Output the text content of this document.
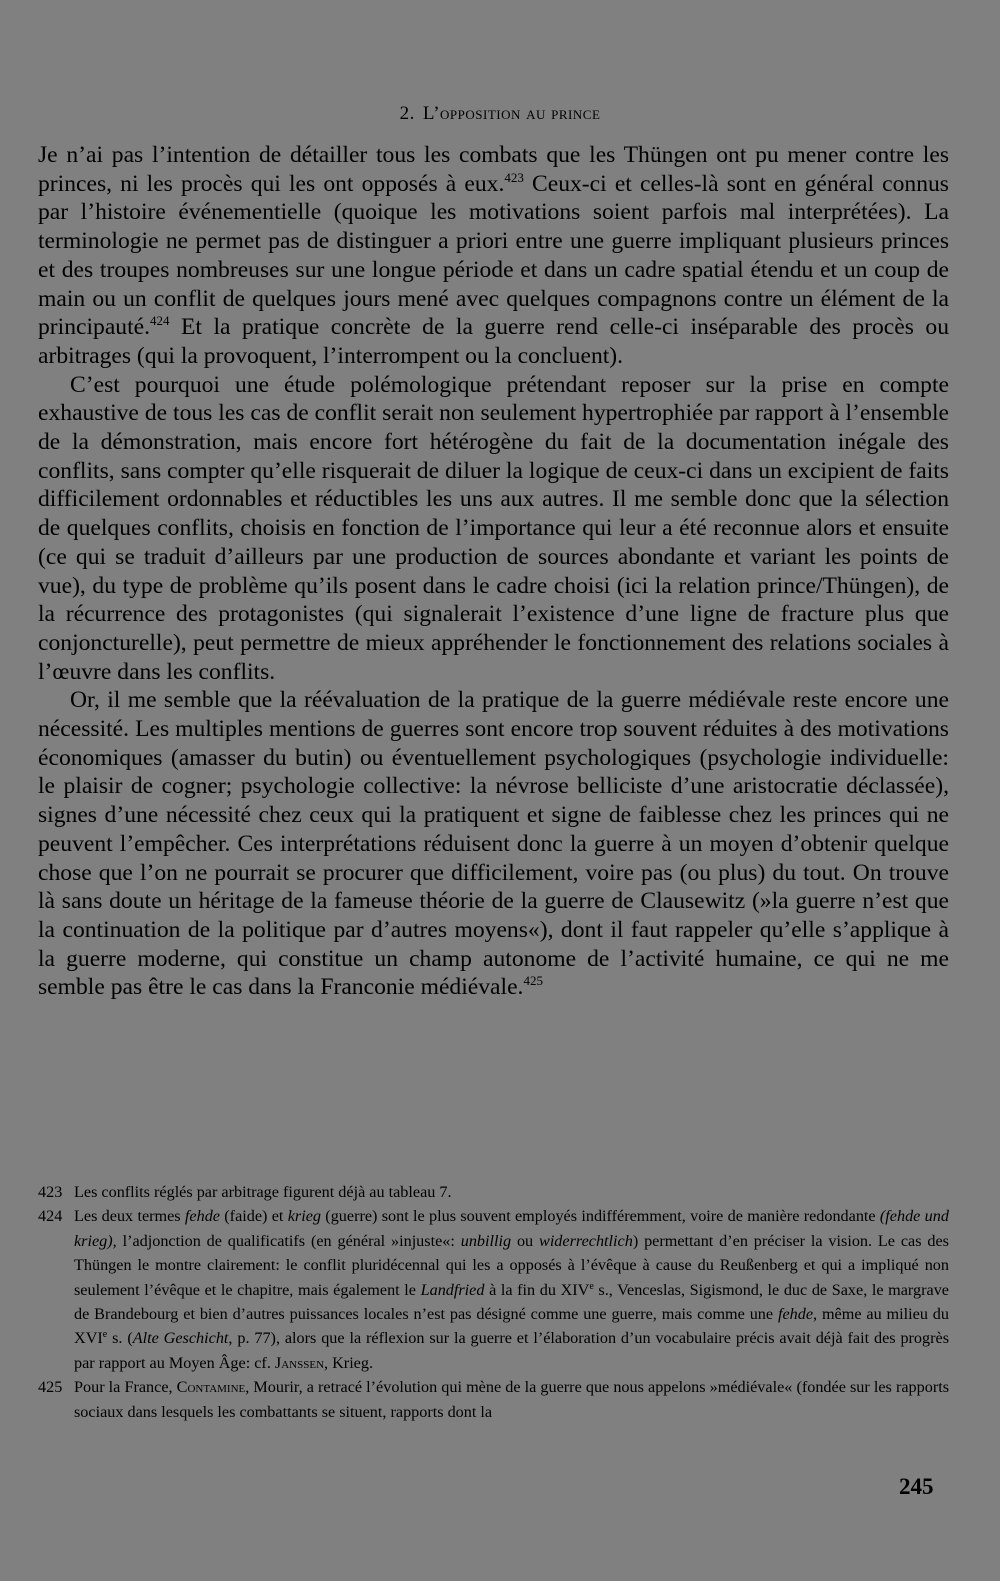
2. L’opposition au prince

Je n’ai pas l’intention de détailler tous les combats que les Thüngen ont pu mener contre les princes, ni les procès qui les ont opposés à eux.$^{423}$ Ceux-ci et celles-là sont en général connus par l’histoire événementielle (quoique les motivations soient parfois mal interprétées). La terminologie ne permet pas de distinguer a priori entre une guerre impliquant plusieurs princes et des troupes nombreuses sur une longue période et dans un cadre spatial étendu et un coup de main ou un conflit de quelques jours mené avec quelques compagnons contre un élément de la principauté.$^{424}$ Et la pratique concrète de la guerre rend celle-ci inséparable des procès ou arbitrages (qui la provoquent, l’interrompent ou la concluent).

C’est pourquoi une étude polémologique prétendant reposer sur la prise en compte exhaustive de tous les cas de conflit serait non seulement hypertrophiée par rapport à l’ensemble de la démonstration, mais encore fort hétérogène du fait de la documentation inégale des conflits, sans compter qu’elle risquerait de diluer la logique de ceux-ci dans un excipient de faits difficilement ordonnables et réductibles les uns aux autres. Il me semble donc que la sélection de quelques conflits, choisis en fonction de l’importance qui leur a été reconnue alors et ensuite (ce qui se traduit d’ailleurs par une production de sources abondante et variant les points de vue), du type de problème qu’ils posent dans le cadre choisi (ici la relation prince/Thüngen), de la récurrence des protagonistes (qui signalerait l’existence d’une ligne de fracture plus que conjoncturelle), peut permettre de mieux appréhender le fonctionnement des relations sociales à l’œuvre dans les conflits.

Or, il me semble que la réévaluation de la pratique de la guerre médiévale reste encore une nécessité. Les multiples mentions de guerres sont encore trop souvent réduites à des motivations économiques (amasser du butin) ou éventuellement psychologiques (psychologie individuelle: le plaisir de cogner; psychologie collective: la névrose belliciste d’une aristocratie déclassée), signes d’une nécessité chez ceux qui la pratiquent et signe de faiblesse chez les princes qui ne peuvent l’empêcher. Ces interprétations réduisent donc la guerre à un moyen d’obtenir quelque chose que l’on ne pourrait se procurer que difficilement, voire pas (ou plus) du tout. On trouve là sans doute un héritage de la fameuse théorie de la guerre de Clausewitz (»la guerre n’est que la continuation de la politique par d’autres moyens«), dont il faut rappeler qu’elle s’applique à la guerre moderne, qui constitue un champ autonome de l’activité humaine, ce qui ne me semble pas être le cas dans la Franconie médiévale.$^{425}$

423 Les conflits réglés par arbitrage figurent déjà au tableau 7.
424 Les deux termes fehde (faide) et krieg (guerre) sont le plus souvent employés indifféremment, voire de manière redondante (fehde und krieg), l’adjonction de qualificatifs (en général »injuste«: unbillig ou widerrechtlich) permettant d’en préciser la vision. Le cas des Thüngen le montre clairement: le conflit pluridécennal qui les a opposés à l’évêque à cause du Reußenberg et qui a impliqué non seulement l’évêque et le chapitre, mais également le Landfried à la fin du XIVe s., Venceslas, Sigismond, le duc de Saxe, le margrave de Brandebourg et bien d’autres puissances locales n’est pas désigné comme une guerre, mais comme une fehde, même au milieu du XVIe s. (Alte Geschicht, p. 77), alors que la réflexion sur la guerre et l’élaboration d’un vocabulaire précis avait déjà fait des progrès par rapport au Moyen Âge: cf. Janssen, Krieg.
425 Pour la France, Contamine, Mourir, a retracé l’évolution qui mène de la guerre que nous appelons »médiévale« (fondée sur les rapports sociaux dans lesquels les combattants se situent, rapports dont la
245
